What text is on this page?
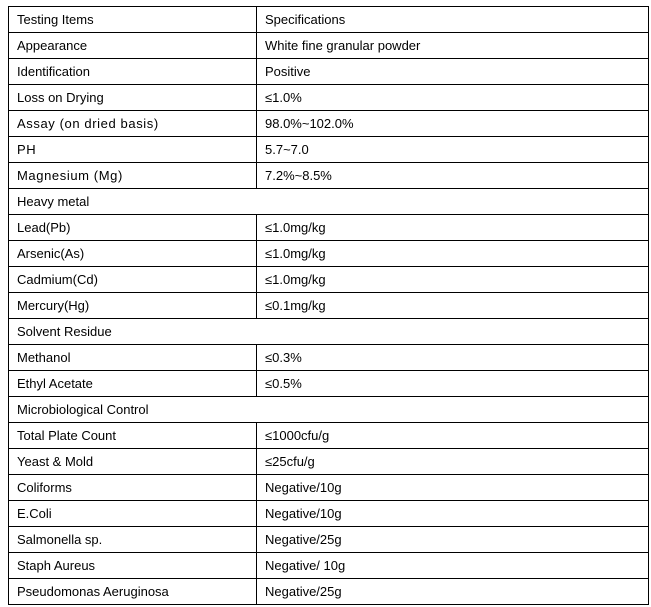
Testing Items	Specifications
Appearance	White fine granular powder
Identification	Positive
Loss on Drying	≤1.0%
Assay (on dried basis)	98.0%~102.0%
PH	5.7~7.0
Magnesium (Mg)	7.2%~8.5%
Heavy metal	
Lead(Pb)	≤1.0mg/kg
Arsenic(As)	≤1.0mg/kg
Cadmium(Cd)	≤1.0mg/kg
Mercury(Hg)	≤0.1mg/kg
Solvent Residue	
Methanol	≤0.3%
Ethyl Acetate	≤0.5%
Microbiological Control	
Total Plate Count	≤1000cfu/g
Yeast & Mold	≤25cfu/g
Coliforms	Negative/10g
E.Coli	Negative/10g
Salmonella sp.	Negative/25g
Staph Aureus	Negative/ 10g
Pseudomonas Aeruginosa	Negative/25g
